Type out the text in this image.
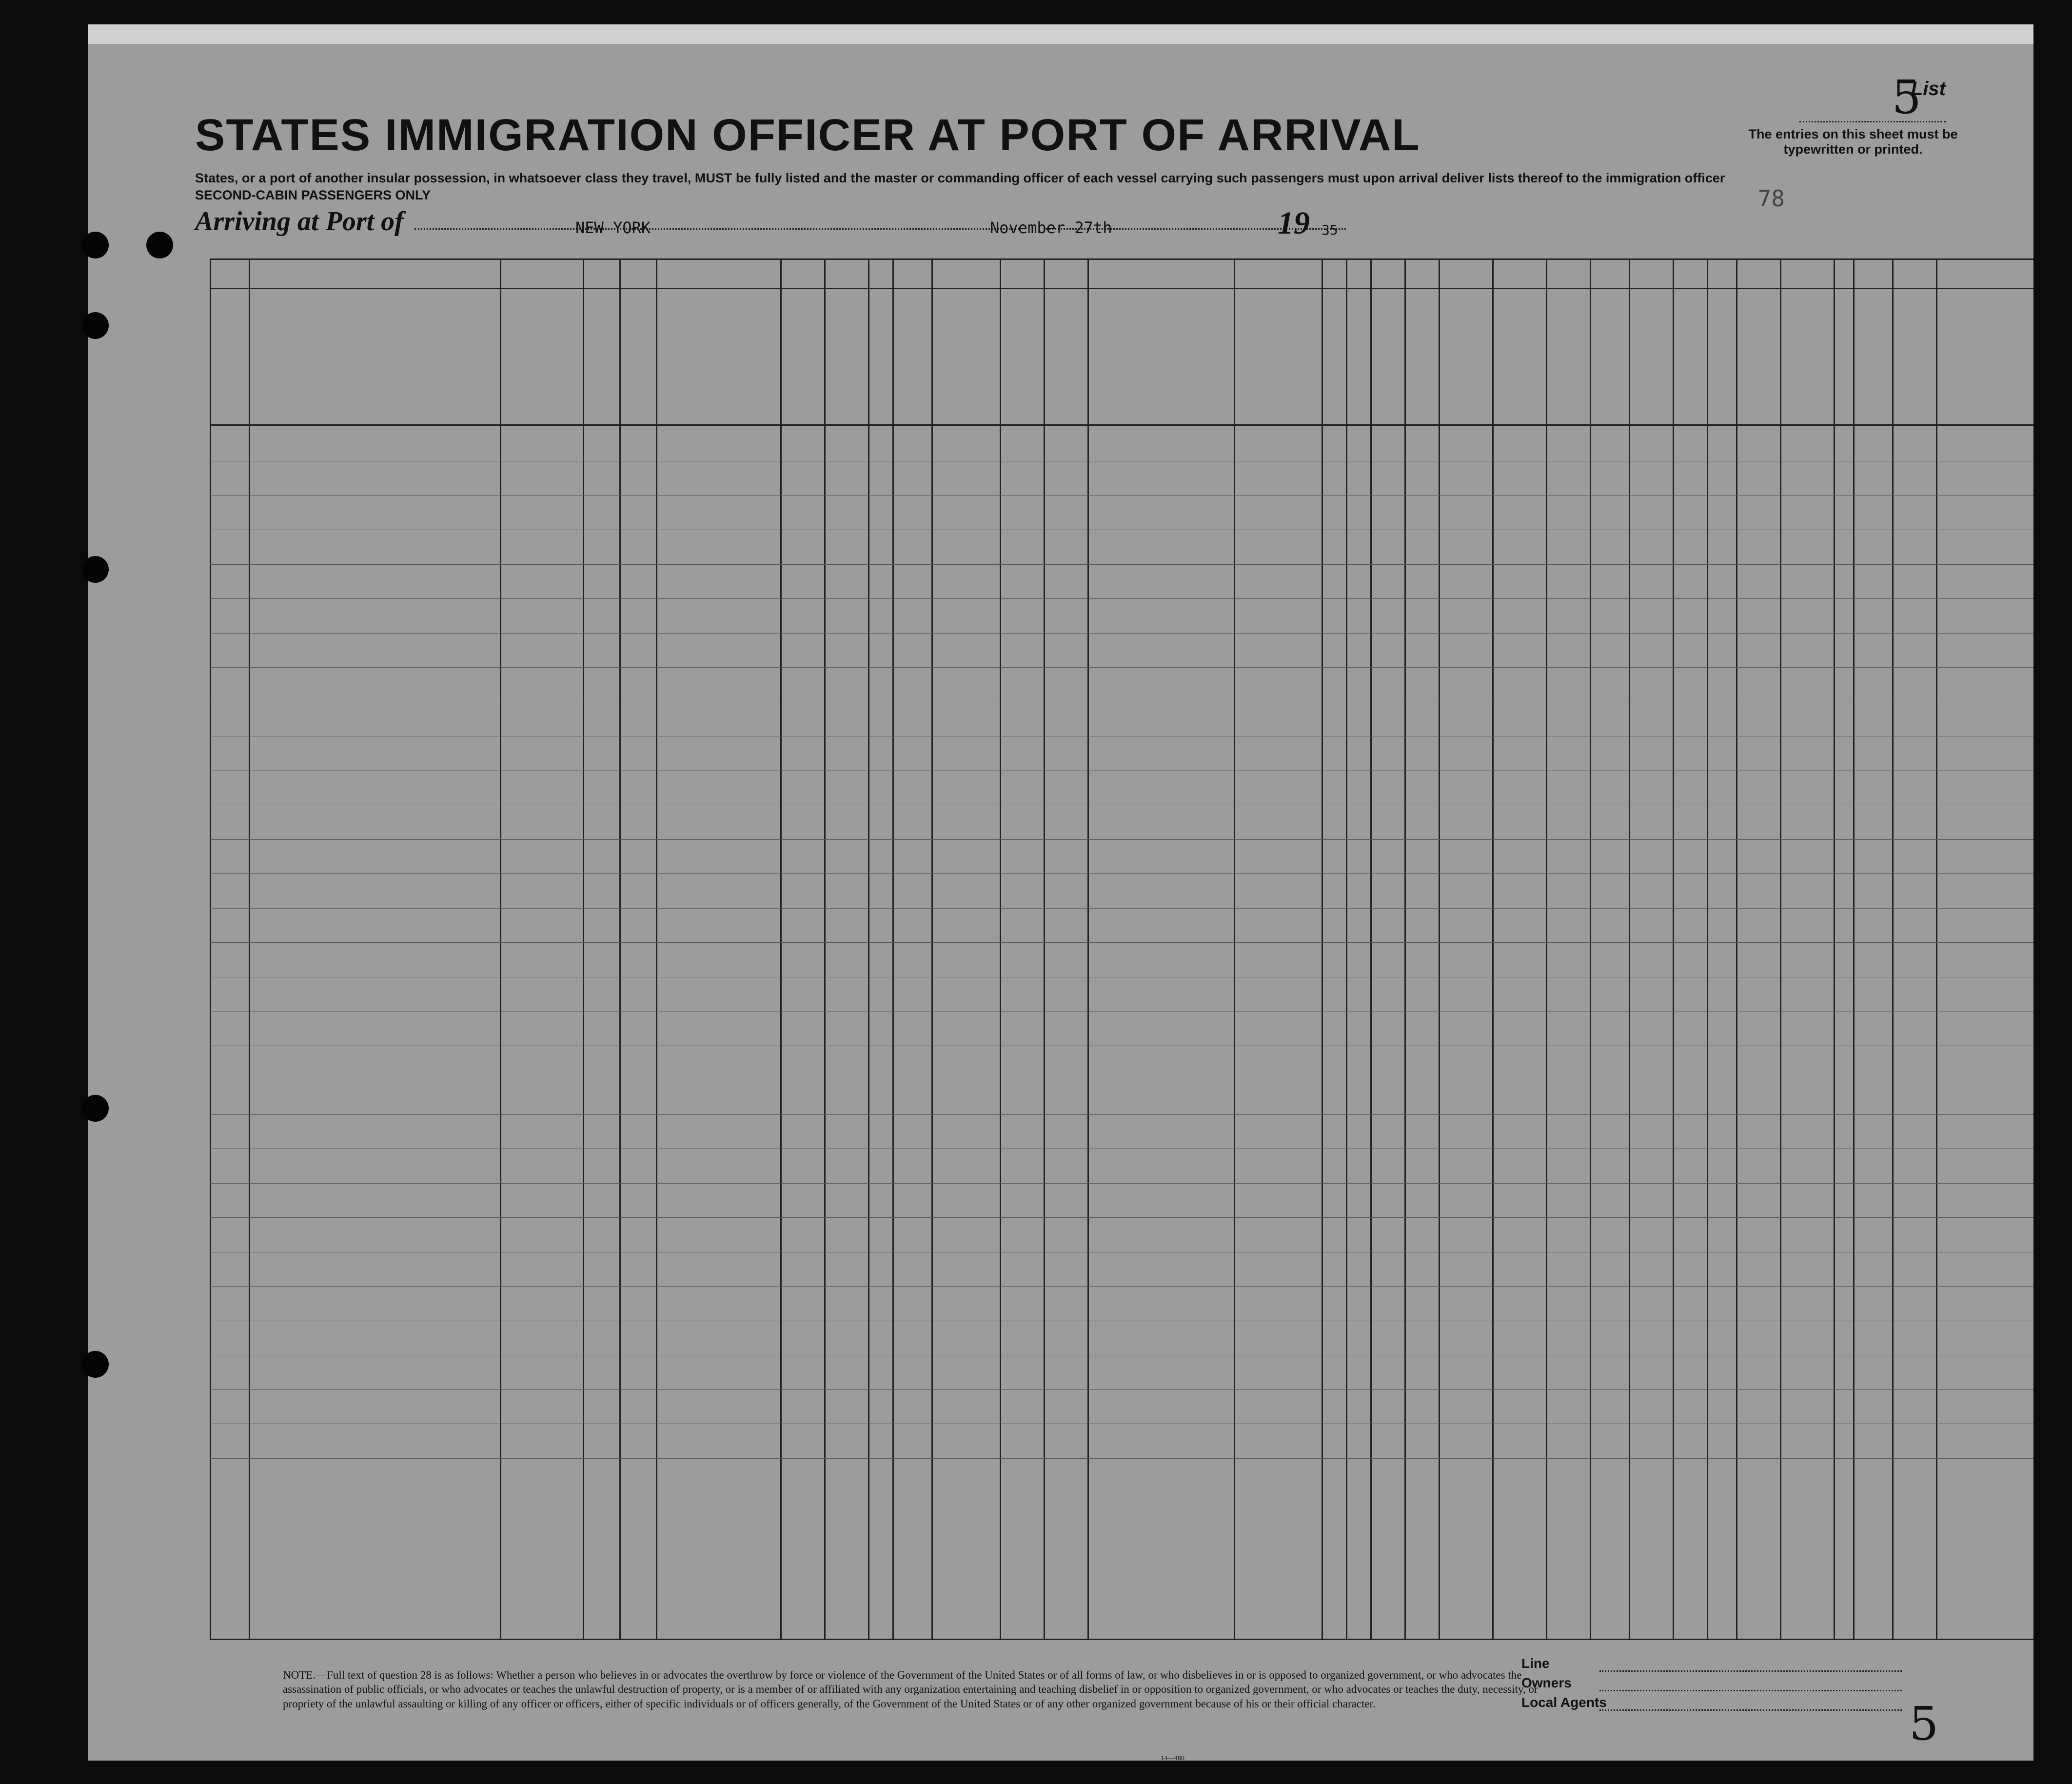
List
5
The entries on this sheet must be typewritten or printed.
STATES IMMIGRATION OFFICER AT PORT OF ARRIVAL
States, or a port of another insular possession, in whatsoever class they travel, MUST be fully listed and the master or commanding officer of each vessel carrying such passengers must upon arrival deliver lists thereof to the immigration officer
SECOND-CABIN PASSENGERS ONLY	78
Arriving at Port of	NEW YORK	November 27th	19 35
NOTE.—Full text of question 28 is as follows: Whether a person who believes in or advocates the overthrow by force or violence of the Government of the United States or of all forms of law, or who disbelieves in or is opposed to organized government, or who advocates the assassination of public officials, or who advocates or teaches the unlawful destruction of property, or is a member of or affiliated with any organization entertaining and teaching disbelief in or opposition to organized government, or who advocates or teaches the duty, necessity, or propriety of the unlawful assaulting or killing of any officer or officers, either of specific individuals or of officers generally, of the Government of the United States or of any other organized government because of his or their official character.
14—480
Line
Owners
Local Agents	5
